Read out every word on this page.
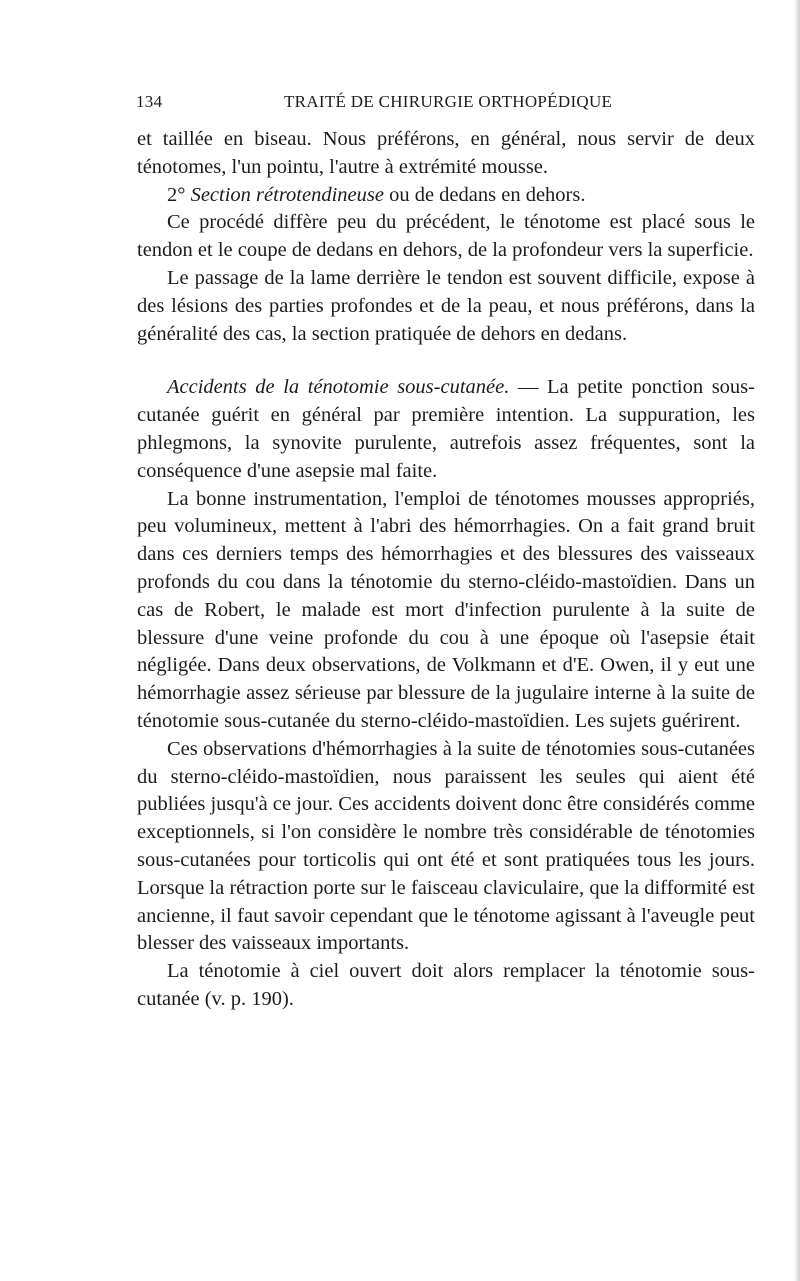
134	TRAITÉ DE CHIRURGIE ORTHOPÉDIQUE

et taillée en biseau. Nous préférons, en général, nous servir de deux ténotomes, l'un pointu, l'autre à extrémité mousse.

2° Section rétrotendineuse ou de dedans en dehors.

Ce procédé diffère peu du précédent, le ténotome est placé sous le tendon et le coupe de dedans en dehors, de la profondeur vers la superficie.

Le passage de la lame derrière le tendon est souvent difficile, expose à des lésions des parties profondes et de la peau, et nous préférons, dans la généralité des cas, la section pratiquée de dehors en dedans.

Accidents de la ténotomie sous-cutanée. — La petite ponction sous-cutanée guérit en général par première intention. La suppuration, les phlegmons, la synovite purulente, autrefois assez fréquentes, sont la conséquence d'une asepsie mal faite.

La bonne instrumentation, l'emploi de ténotomes mousses appropriés, peu volumineux, mettent à l'abri des hémorrhagies. On a fait grand bruit dans ces derniers temps des hémorrhagies et des blessures des vaisseaux profonds du cou dans la ténotomie du sterno-cléido-mastoïdien. Dans un cas de Robert, le malade est mort d'infection purulente à la suite de blessure d'une veine profonde du cou à une époque où l'asepsie était négligée. Dans deux observations, de Volkmann et d'E. Owen, il y eut une hémorrhagie assez sérieuse par blessure de la jugulaire interne à la suite de ténotomie sous-cutanée du sterno-cléido-mastoïdien. Les sujets guérirent.

Ces observations d'hémorrhagies à la suite de ténotomies sous-cutanées du sterno-cléido-mastoïdien, nous paraissent les seules qui aient été publiées jusqu'à ce jour. Ces accidents doivent donc être considérés comme exceptionnels, si l'on considère le nombre très considérable de ténotomies sous-cutanées pour torticolis qui ont été et sont pratiquées tous les jours. Lorsque la rétraction porte sur le faisceau claviculaire, que la difformité est ancienne, il faut savoir cependant que le ténotome agissant à l'aveugle peut blesser des vaisseaux importants.

La ténotomie à ciel ouvert doit alors remplacer la ténotomie sous-cutanée (v. p. 190).
